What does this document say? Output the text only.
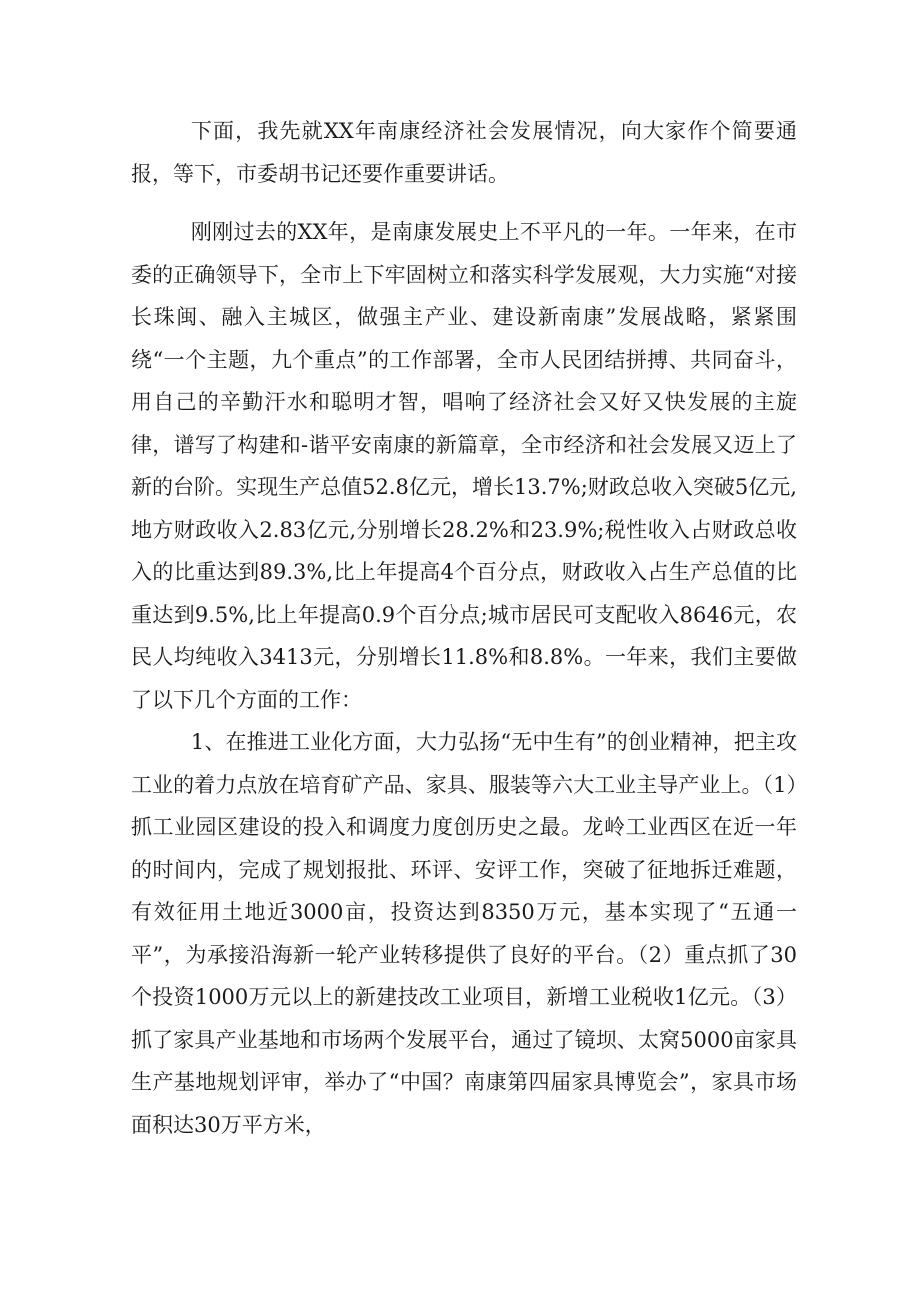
下面，我先就XX年南康经济社会发展情况，向大家作个简要通报，等下，市委胡书记还要作重要讲话。

刚刚过去的XX年，是南康发展史上不平凡的一年。一年来，在市委的正确领导下，全市上下牢固树立和落实科学发展观，大力实施“对接长珠闽、融入主城区，做强主产业、建设新南康”发展战略，紧紧围绕“一个主题，九个重点”的工作部署，全市人民团结拼搏、共同奋斗，用自己的辛勤汗水和聪明才智，唱响了经济社会又好又快发展的主旋律，谱写了构建和-谐平安南康的新篇章，全市经济和社会发展又迈上了新的台阶。实现生产总值52.8亿元，增长13.7%;财政总收入突破5亿元,地方财政收入2.83亿元,分别增长28.2%和23.9%;税性收入占财政总收入的比重达到89.3%,比上年提高4个百分点，财政收入占生产总值的比重达到9.5%,比上年提高0.9个百分点;城市居民可支配收入8646元，农民人均纯收入3413元，分别增长11.8%和8.8%。一年来，我们主要做了以下几个方面的工作：

1、在推进工业化方面，大力弘扬“无中生有”的创业精神，把主攻工业的着力点放在培育矿产品、家具、服装等六大工业主导产业上。（1）抓工业园区建设的投入和调度力度创历史之最。龙岭工业西区在近一年的时间内，完成了规划报批、环评、安评工作，突破了征地拆迁难题，有效征用土地近3000亩，投资达到8350万元，基本实现了“五通一平”，为承接沿海新一轮产业转移提供了良好的平台。（2）重点抓了30个投资1000万元以上的新建技改工业项目，新增工业税收1亿元。（3）抓了家具产业基地和市场两个发展平台，通过了镜坝、太窝5000亩家具生产基地规划评审，举办了“中国？南康第四届家具博览会”，家具市场面积达30万平方米，
